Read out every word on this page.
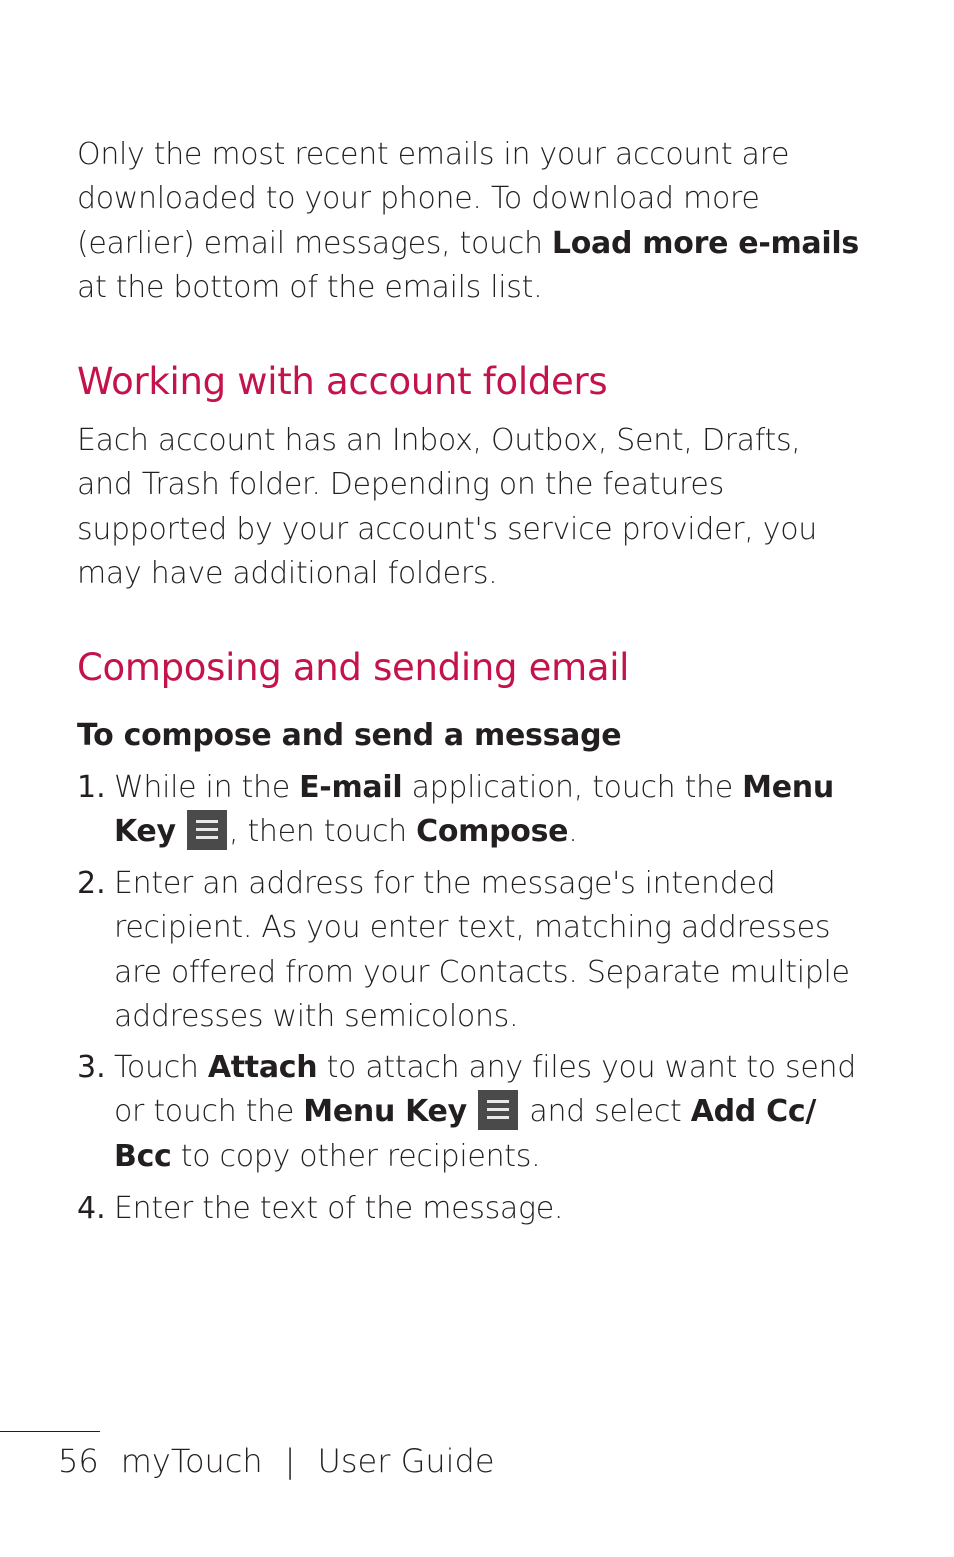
Only the most recent emails in your account are
downloaded to your phone. To download more
(earlier) email messages, touch Load more e-mails
at the bottom of the emails list.
Working with account folders
Each account has an Inbox, Outbox, Sent, Drafts,
and Trash folder. Depending on the features
supported by your account's service provider, you
may have additional folders.
Composing and sending email
To compose and send a message
1. While in the E-mail application, touch the Menu
Key , then touch Compose.
2. Enter an address for the message's intended
recipient. As you enter text, matching addresses
are offered from your Contacts. Separate multiple
addresses with semicolons.
3. Touch Attach to attach any files you want to send
or touch the Menu Key
and select Add Cc/
Bcc to copy other recipients.
4. Enter the text of the message.
56 myTouch | User Guide
